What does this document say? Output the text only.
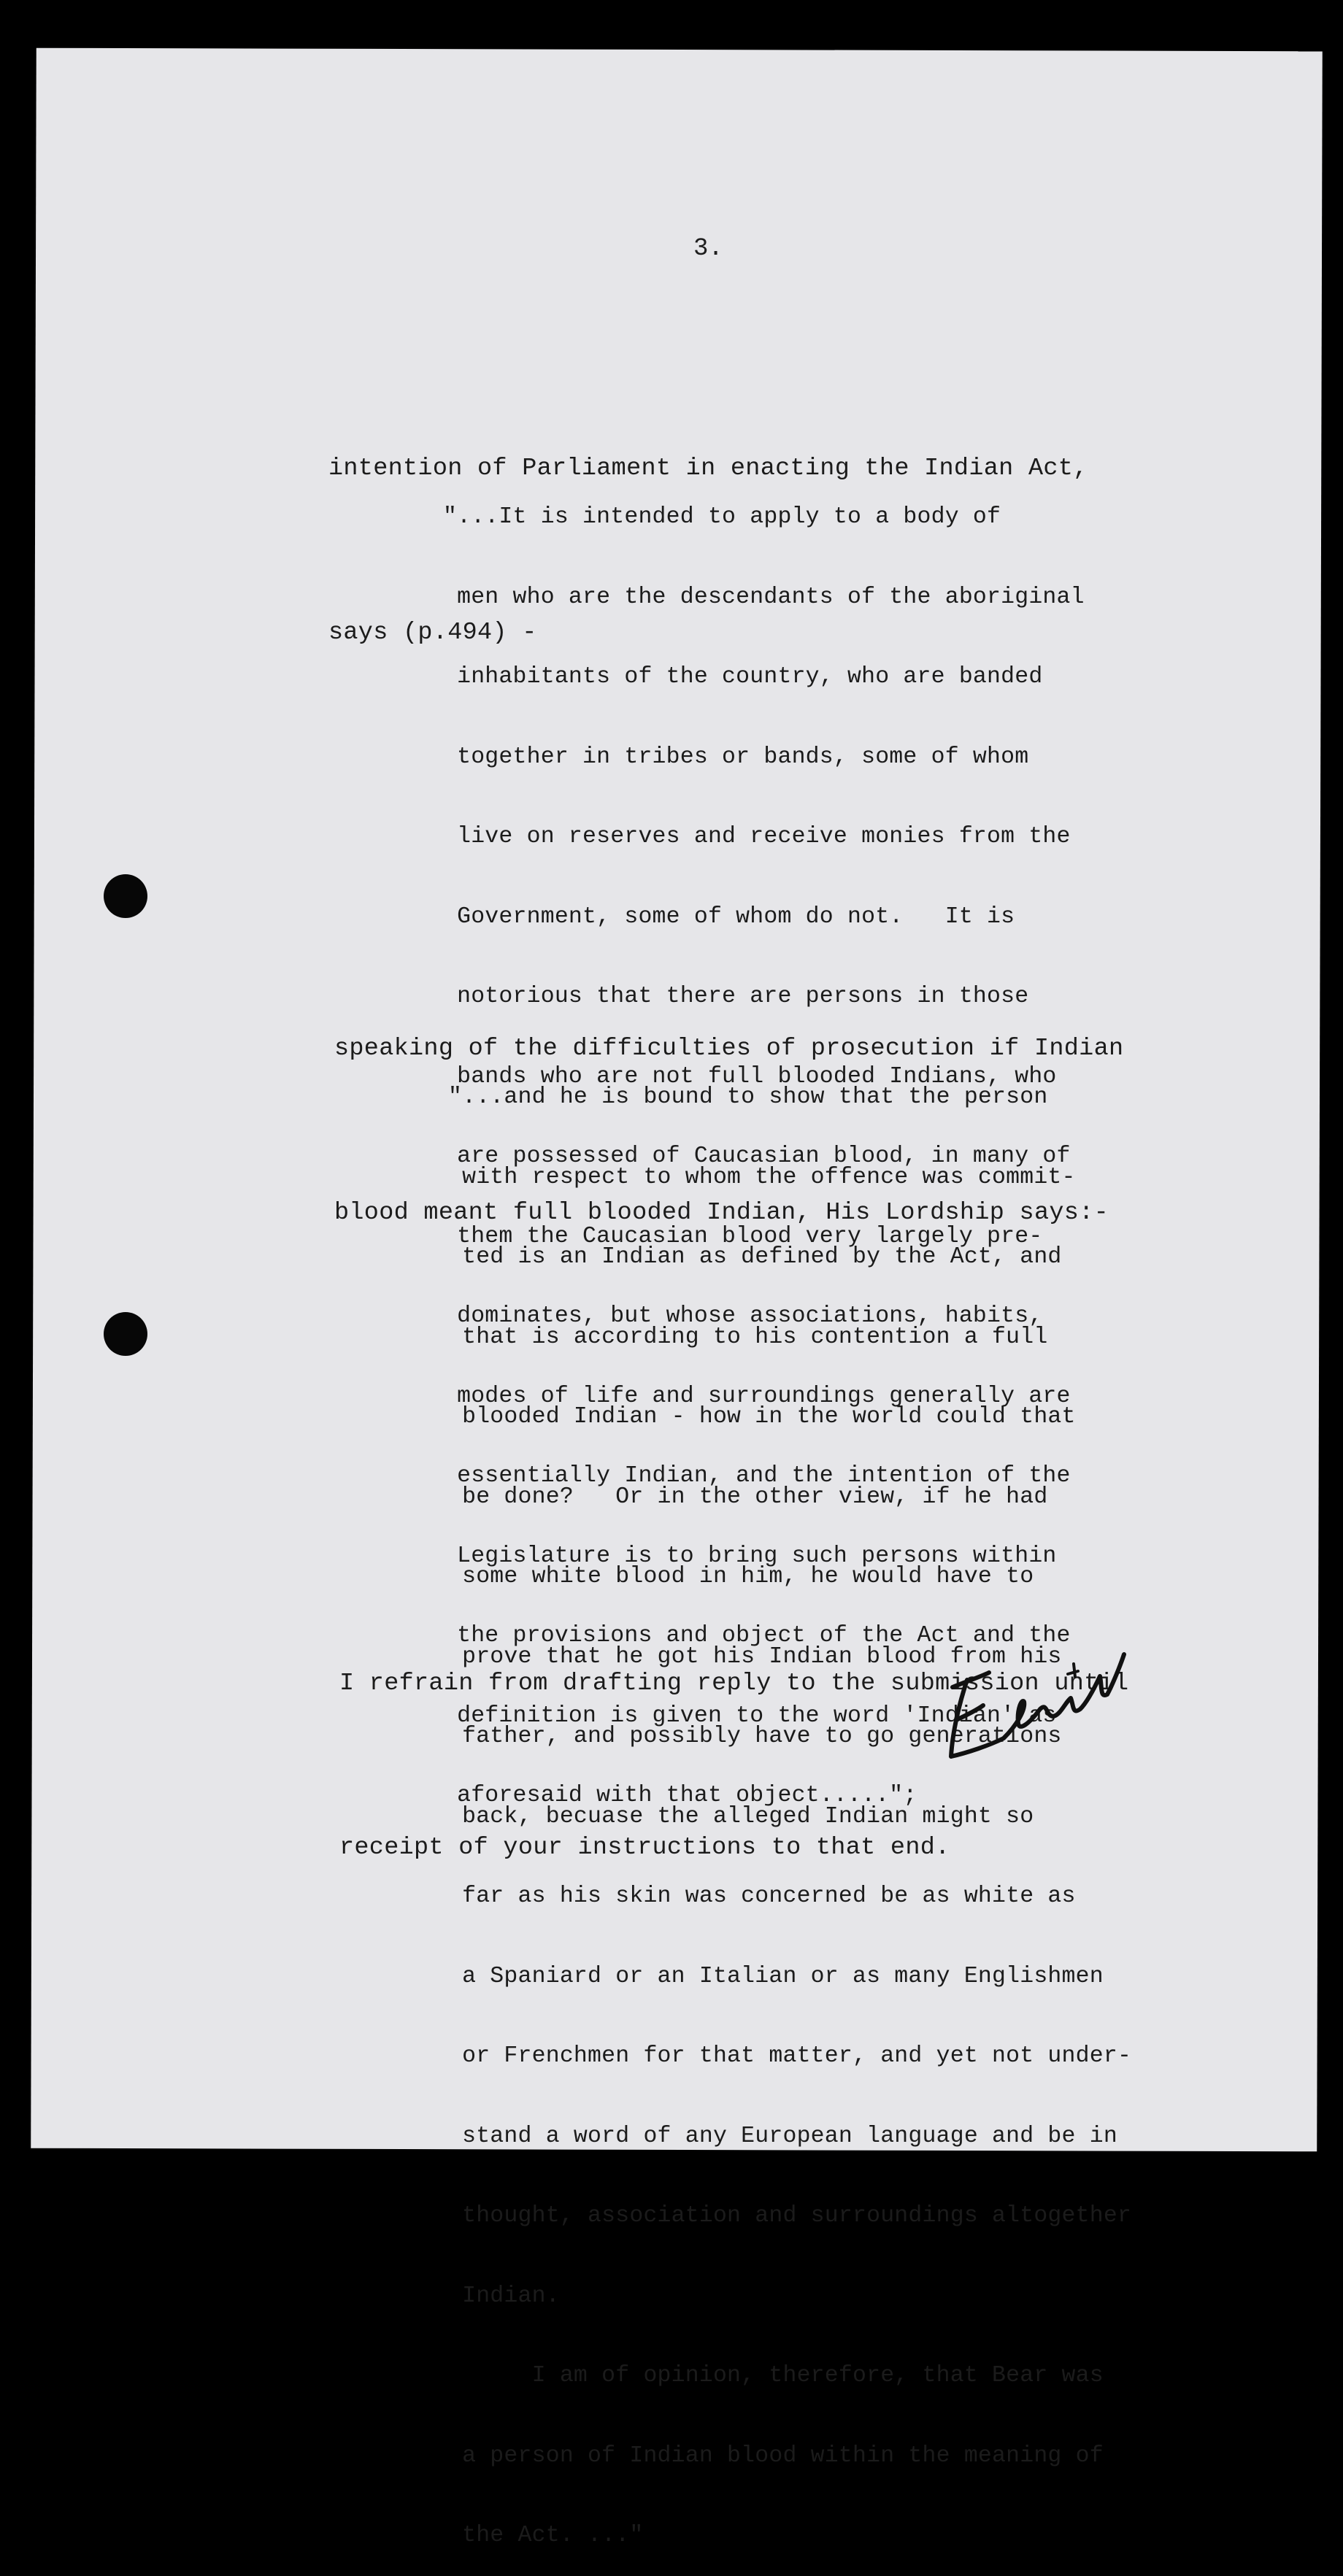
3.

intention of Parliament in enacting the Indian Act,

says (p.494) -

"...It is intended to apply to a body of

men who are the descendants of the aboriginal

inhabitants of the country, who are banded

together in tribes or bands, some of whom

live on reserves and receive monies from the

Government, some of whom do not.   It is

notorious that there are persons in those

bands who are not full blooded Indians, who

are possessed of Caucasian blood, in many of

them the Caucasian blood very largely pre-

dominates, but whose associations, habits,

modes of life and surroundings generally are

essentially Indian, and the intention of the

Legislature is to bring such persons within

the provisions and object of the Act and the

definition is given to the word 'Indian' as

aforesaid with that object.....";

speaking of the difficulties of prosecution if Indian

blood meant full blooded Indian, His Lordship says:-

"...and he is bound to show that the person

with respect to whom the offence was commit-

ted is an Indian as defined by the Act, and

that is according to his contention a full

blooded Indian - how in the world could that

be done?   Or in the other view, if he had

some white blood in him, he would have to

prove that he got his Indian blood from his

father, and possibly have to go generations

back, becuase the alleged Indian might so

far as his skin was concerned be as white as

a Spaniard or an Italian or as many Englishmen

or Frenchmen for that matter, and yet not under-

stand a word of any European language and be in

thought, association and surroundings altogether

Indian.

I am of opinion, therefore, that Bear was

a person of Indian blood within the meaning of

the Act. ..."

I refrain from drafting reply to the submission until

receipt of your instructions to that end.
